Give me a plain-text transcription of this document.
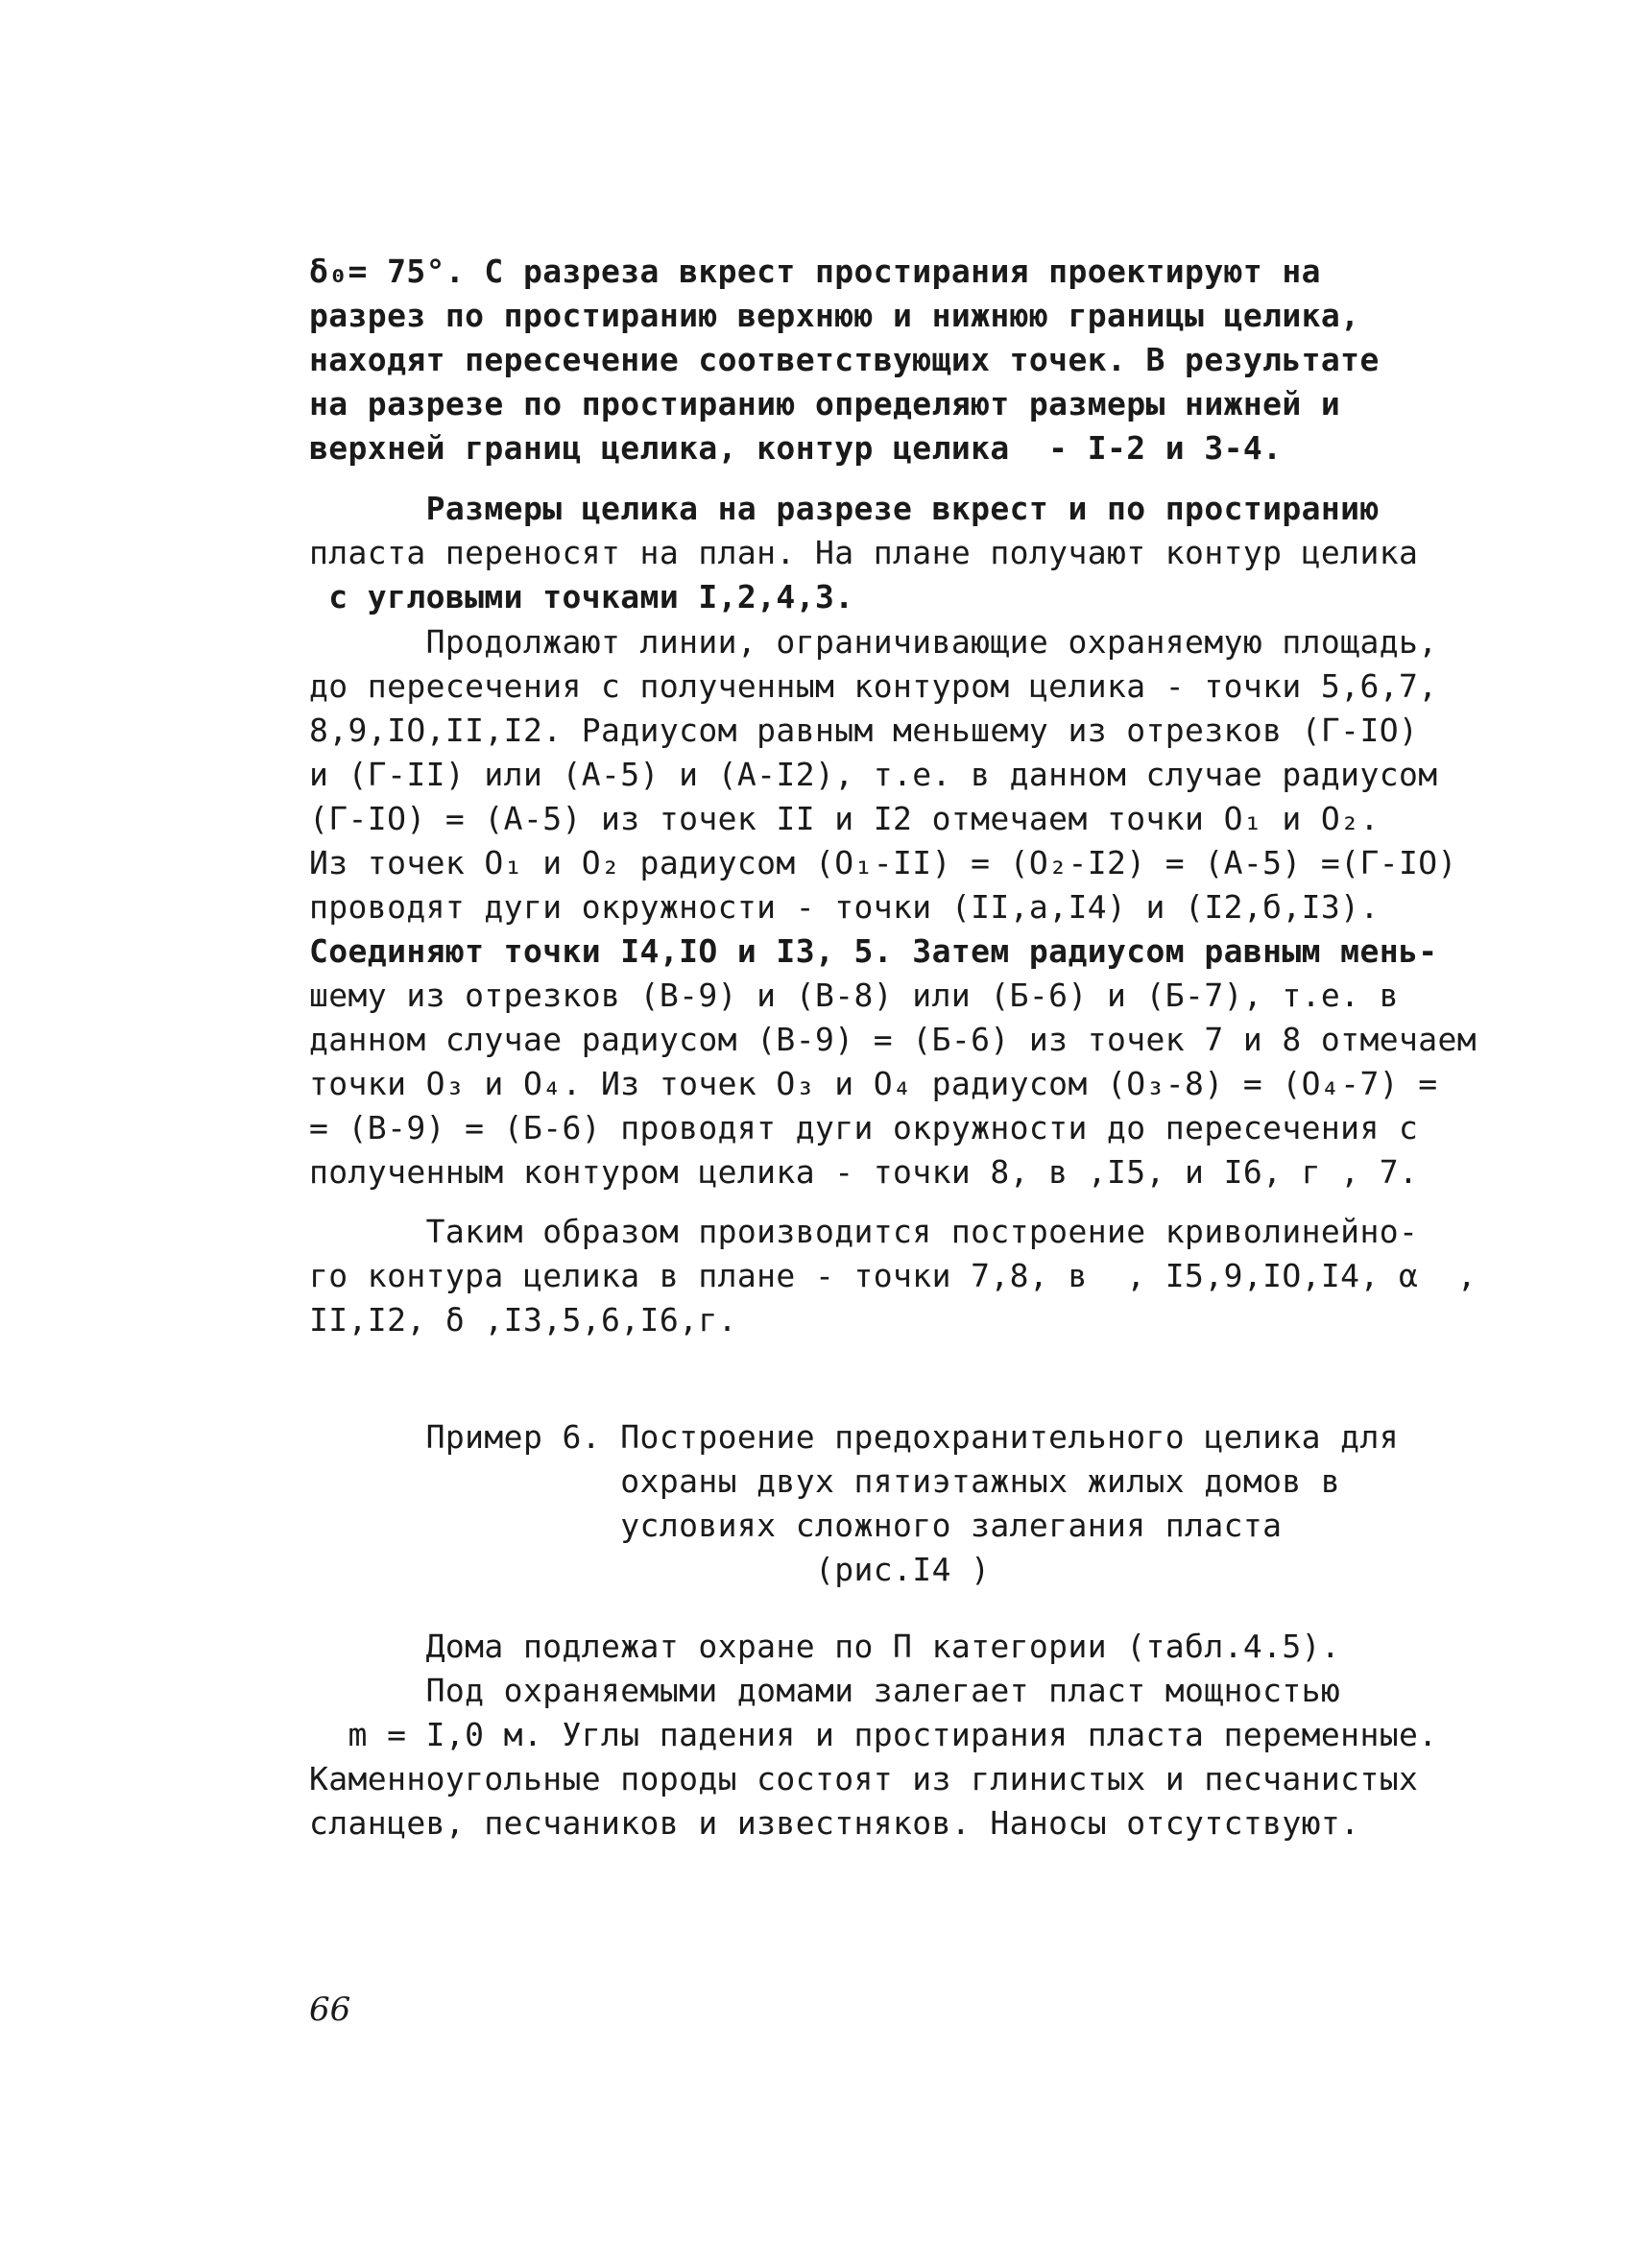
δ₀= 75°. С разреза вкрест простирания проектируют на
разрез по простиранию верхнюю и нижнюю границы целика,
находят пересечение соответствующих точек. В результате
на разрезе по простиранию определяют размеры нижней и
верхней границ целика, контур целика  - I-2 и 3-4.
Размеры целика на разрезе вкрест и по простиранию
пласта переносят на план. На плане получают контур целика
с угловыми точками I,2,4,3.
Продолжают линии, ограничивающие охраняемую площадь,
до пересечения с полученным контуром целика - точки 5,6,7,
8,9,IO,II,I2. Радиусом равным меньшему из отрезков (Г-IO)
и (Г-II) или (А-5) и (А-I2), т.е. в данном случае радиусом
(Г-IO) = (А-5) из точек II и I2 отмечаем точки O₁ и O₂.
Из точек O₁ и O₂ радиусом (O₁-II) = (O₂-I2) = (А-5) =(Г-IO)
проводят дуги окружности - точки (II,а,I4) и (I2,б,I3).
Соединяют точки I4,IO и I3, 5. Затем радиусом равным мень-
шему из отрезков (В-9) и (В-8) или (Б-6) и (Б-7), т.е. в
данном случае радиусом (В-9) = (Б-6) из точек 7 и 8 отмечаем
точки O₃ и O₄. Из точек O₃ и O₄ радиусом (O₃-8) = (O₄-7) =
= (В-9) = (Б-6) проводят дуги окружности до пересечения с
полученным контуром целика - точки 8, в ,I5, и I6, г , 7.
Таким образом производится построение криволинейно-
го контура целика в плане - точки 7,8, в  , I5,9,IO,I4, α  ,
II,I2, δ ,I3,5,6,I6,г.
Пример 6. Построение предохранительного целика для
охраны двух пятиэтажных жилых домов в
условиях сложного залегания пласта
(рис.I4 )
Дома подлежат охране по П категории (табл.4.5).
Под охраняемыми домами залегает пласт мощностью
m = I,0 м. Углы падения и простирания пласта переменные.
Каменноугольные породы состоят из глинистых и песчанистых
сланцев, песчаников и известняков. Наносы отсутствуют.
66
